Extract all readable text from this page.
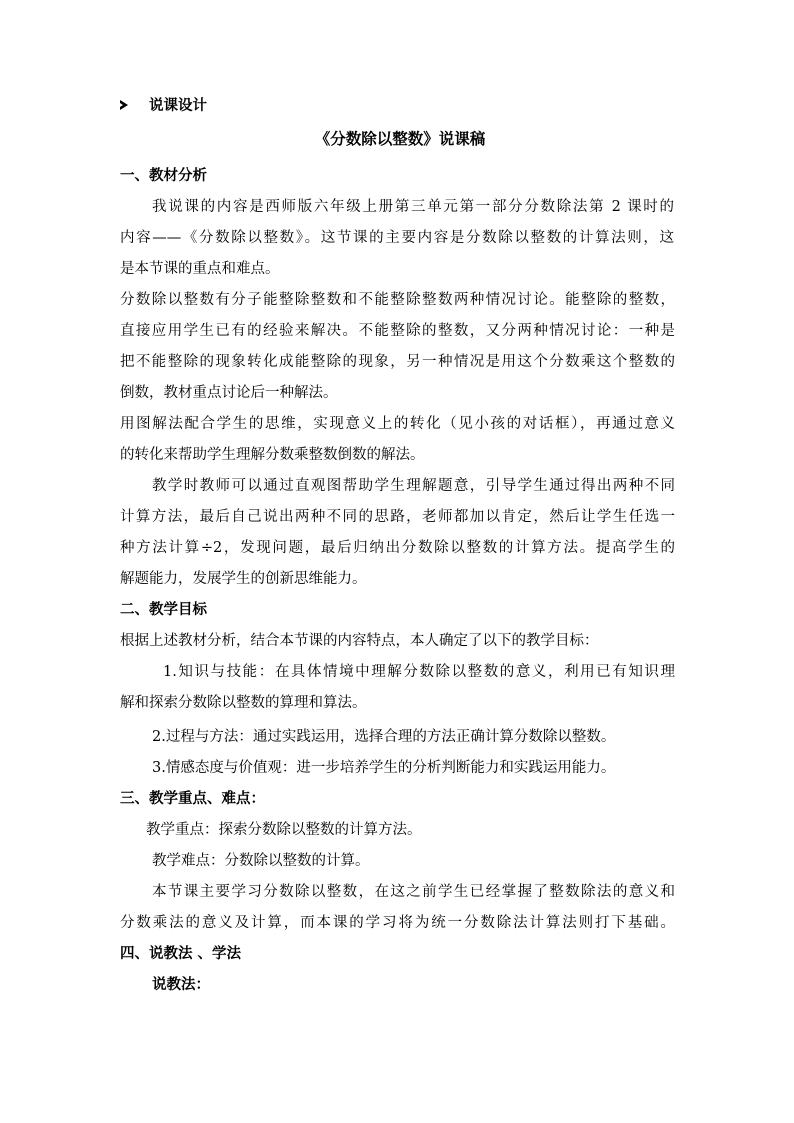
说课设计
《分数除以整数》说课稿
一、教材分析
我说课的内容是西师版六年级上册第三单元第一部分分数除法第 2 课时的
内容——《分数除以整数》。这节课的主要内容是分数除以整数的计算法则，这
是本节课的重点和难点。
分数除以整数有分子能整除整数和不能整除整数两种情况讨论。能整除的整数，
直接应用学生已有的经验来解决。不能整除的整数，又分两种情况讨论：一种是
把不能整除的现象转化成能整除的现象，另一种情况是用这个分数乘这个整数的
倒数，教材重点讨论后一种解法。
用图解法配合学生的思维，实现意义上的转化（见小孩的对话框），再通过意义
的转化来帮助学生理解分数乘整数倒数的解法。
教学时教师可以通过直观图帮助学生理解题意，引导学生通过得出两种不同
计算方法，最后自己说出两种不同的思路，老师都加以肯定，然后让学生任选一
种方法计算÷2，发现问题，最后归纳出分数除以整数的计算方法。提高学生的
解题能力，发展学生的创新思维能力。
二、教学目标
根据上述教材分析，结合本节课的内容特点，本人确定了以下的教学目标：
1.知识与技能：在具体情境中理解分数除以整数的意义，利用已有知识理
解和探索分数除以整数的算理和算法。
2.过程与方法：通过实践运用，选择合理的方法正确计算分数除以整数。
3.情感态度与价值观：进一步培养学生的分析判断能力和实践运用能力。
三、教学重点、难点：
教学重点：探索分数除以整数的计算方法。
教学难点：分数除以整数的计算。
本节课主要学习分数除以整数，在这之前学生已经掌握了整数除法的意义和
分数乘法的意义及计算，而本课的学习将为统一分数除法计算法则打下基础。
四、说教法 、学法
说教法：
